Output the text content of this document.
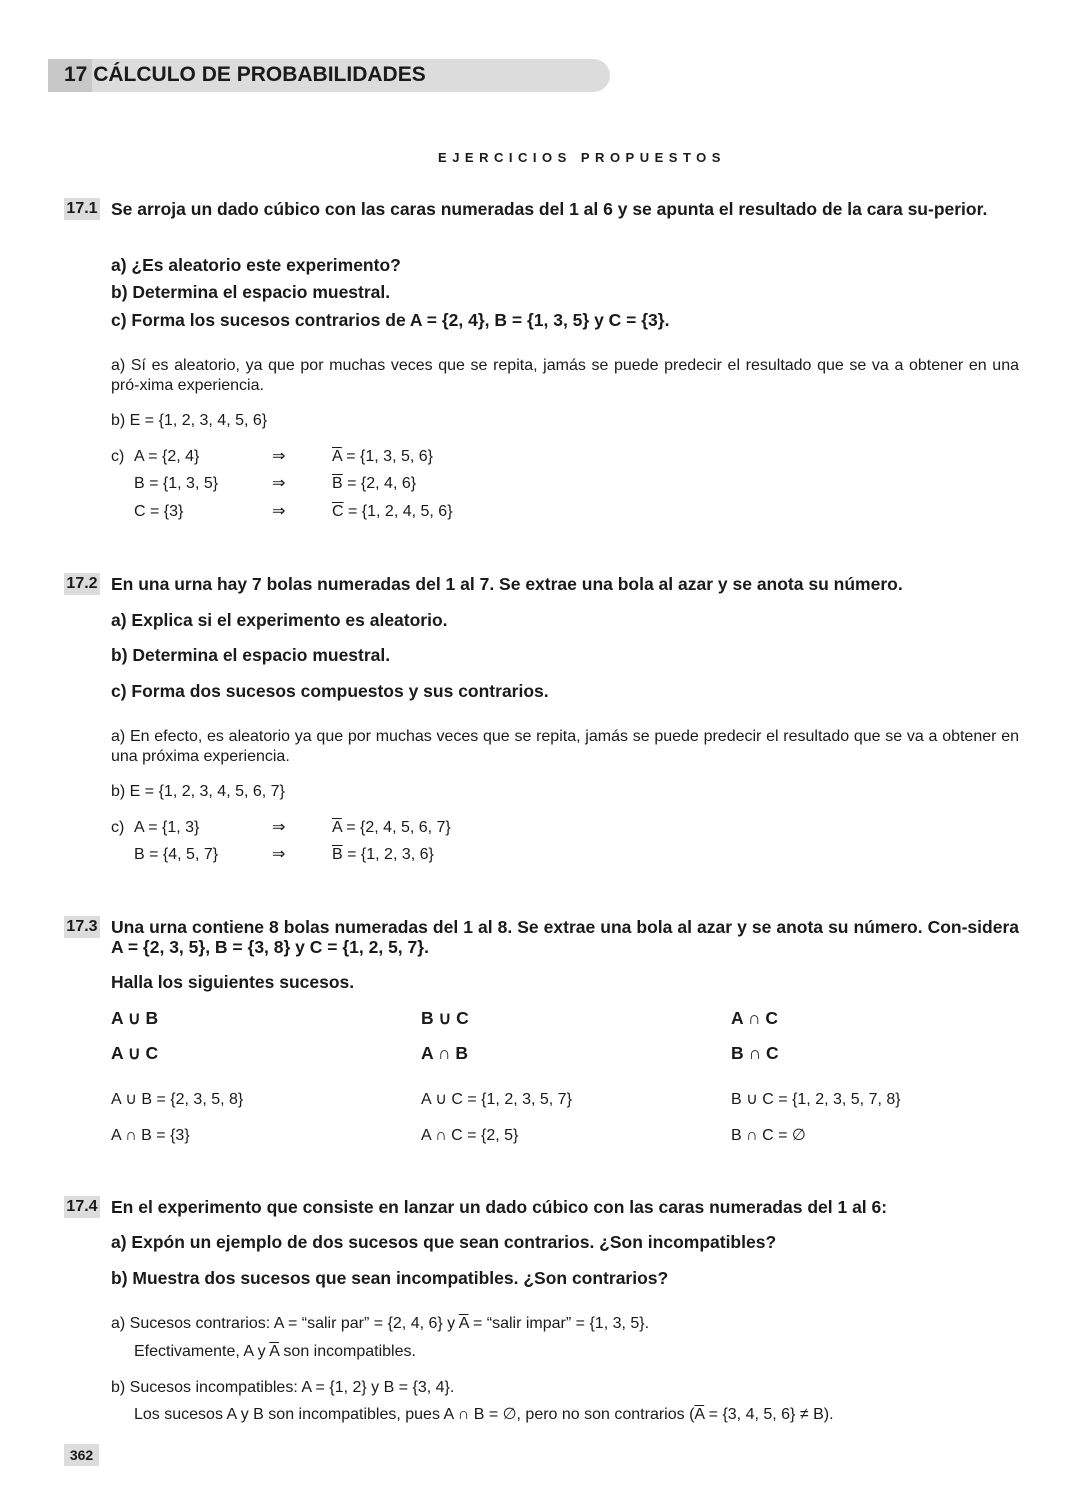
17 CÁLCULO DE PROBABILIDADES
EJERCICIOS PROPUESTOS
17.1 Se arroja un dado cúbico con las caras numeradas del 1 al 6 y se apunta el resultado de la cara su-perior.
a) ¿Es aleatorio este experimento?
b) Determina el espacio muestral.
c) Forma los sucesos contrarios de A = {2, 4}, B = {1, 3, 5} y C = {3}.
a) Sí es aleatorio, ya que por muchas veces que se repita, jamás se puede predecir el resultado que se va a obtener en una pró-xima experiencia.
b) E = {1, 2, 3, 4, 5, 6}
c) A = {2, 4}	⇒	$\overline{A} = \{1$, 3, 5, 6}
B = {1, 3, 5}	⇒	$\overline{B} = \{2$, 4, 6}
C = {3}	⇒	$\overline{C} = \{1$, 2, 4, 5, 6}
17.2 En una urna hay 7 bolas numeradas del 1 al 7. Se extrae una bola al azar y se anota su número.
a) Explica si el experimento es aleatorio.
b) Determina el espacio muestral.
c) Forma dos sucesos compuestos y sus contrarios.
a) En efecto, es aleatorio ya que por muchas veces que se repita, jamás se puede predecir el resultado que se va a obtener en una próxima experiencia.
b) E = {1, 2, 3, 4, 5, 6, 7}
c) A = {1, 3}	⇒	$\overline{A} = \{2$, 4, 5, 6, 7}
B = {4, 5, 7}	⇒	$\overline{B} = \{1$, 2, 3, 6}
17.3 Una urna contiene 8 bolas numeradas del 1 al 8. Se extrae una bola al azar y se anota su número. Con-sidera A = {2, 3, 5}, B = {3, 8} y C = {1, 2, 5, 7}.
Halla los siguientes sucesos.
A ∪ B	B ∪ C	A ∩ C
A ∪ C	A ∩ B	B ∩ C
A ∪ B = {2, 3, 5, 8}	A ∪ C = {1, 2, 3, 5, 7}	B ∪ C = {1, 2, 3, 5, 7, 8}
A ∩ B = {3}	A ∩ C = {2, 5}	B ∩ C = ∅
17.4 En el experimento que consiste en lanzar un dado cúbico con las caras numeradas del 1 al 6:
a) Expón un ejemplo de dos sucesos que sean contrarios. ¿Son incompatibles?
b) Muestra dos sucesos que sean incompatibles. ¿Son contrarios?
a) Sucesos contrarios: A = “salir par” = {2, 4, 6} y $\overline{A}$ = “salir impar” = {1, 3, 5}.
Efectivamente, A y $\overline{A}$ son incompatibles.
b) Sucesos incompatibles: A = {1, 2} y B = {3, 4}.
Los sucesos A y B son incompatibles, pues A ∩ B = ∅, pero no son contrarios ($\overline{A} = \{3$, 4, 5, 6} ≠ B).
362
